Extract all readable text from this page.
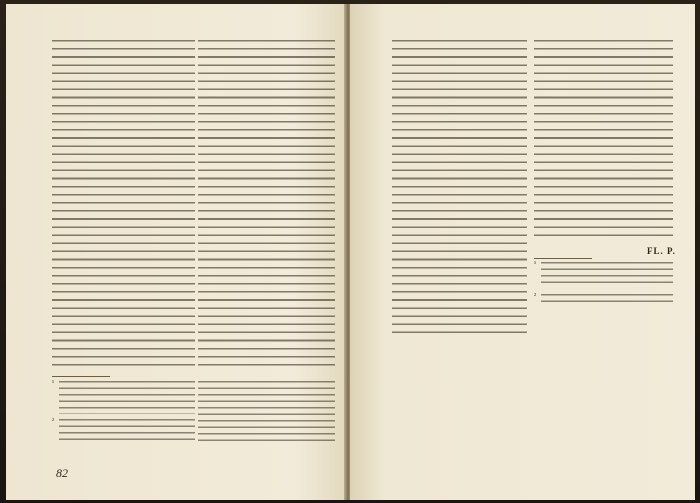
¹
²
82
FL. P.
¹
²
